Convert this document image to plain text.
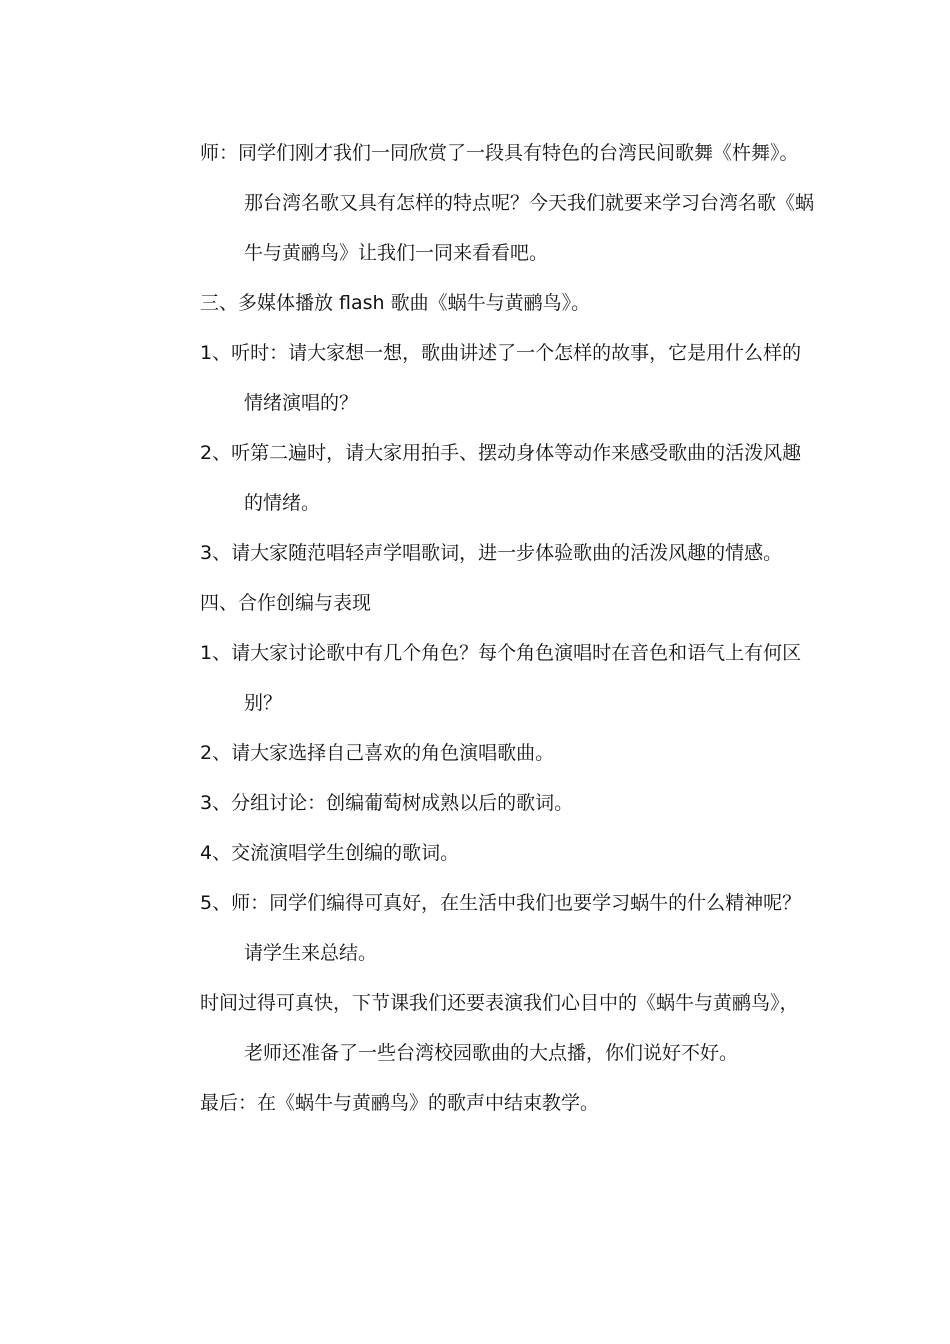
师：同学们刚才我们一同欣赏了一段具有特色的台湾民间歌舞《杵舞》。那台湾名歌又具有怎样的特点呢？今天我们就要来学习台湾名歌《蜗牛与黄鹂鸟》让我们一同来看看吧。

三、多媒体播放 flash 歌曲《蜗牛与黄鹂鸟》。

1、听时：请大家想一想，歌曲讲述了一个怎样的故事，它是用什么样的情绪演唱的？

2、听第二遍时，请大家用拍手、摆动身体等动作来感受歌曲的活泼风趣的情绪。

3、请大家随范唱轻声学唱歌词，进一步体验歌曲的活泼风趣的情感。

四、合作创编与表现

1、请大家讨论歌中有几个角色？每个角色演唱时在音色和语气上有何区别？

2、请大家选择自己喜欢的角色演唱歌曲。

3、分组讨论：创编葡萄树成熟以后的歌词。

4、交流演唱学生创编的歌词。

5、师：同学们编得可真好，在生活中我们也要学习蜗牛的什么精神呢？请学生来总结。

时间过得可真快，下节课我们还要表演我们心目中的《蜗牛与黄鹂鸟》，老师还准备了一些台湾校园歌曲的大点播，你们说好不好。

最后：在《蜗牛与黄鹂鸟》的歌声中结束教学。
